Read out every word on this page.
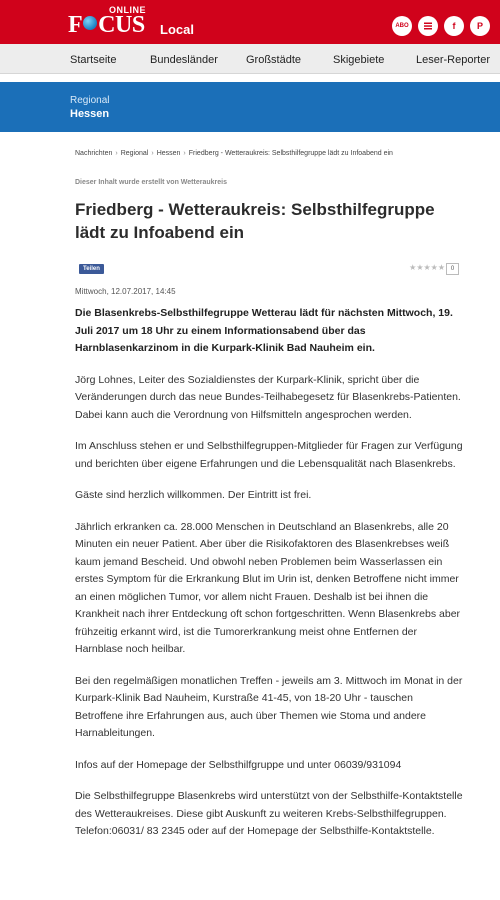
ONLINE
F CUS Local	ABO	f	P
Startseite	Bundesländer	Großstädte	Skigebiete	Leser-Reporter
Regional
Hessen
Nachrichten › Regional › Hessen › Friedberg - Wetteraukreis: Selbsthilfegruppe lädt zu Infoabend ein
Dieser Inhalt wurde erstellt von Wetteraukreis
Friedberg - Wetteraukreis: Selbsthilfegruppe lädt zu Infoabend ein
Teilen	★★★★★ 0
Mittwoch, 12.07.2017, 14:45

Die Blasenkrebs-Selbsthilfegruppe Wetterau lädt für nächsten Mittwoch, 19. Juli 2017 um 18 Uhr zu einem Informationsabend über das Harnblasenkarzinom in die Kurpark-Klinik Bad Nauheim ein.

Jörg Lohnes, Leiter des Sozialdienstes der Kurpark-Klinik, spricht über die Veränderungen durch das neue Bundes-Teilhabegesetz für Blasenkrebs-Patienten. Dabei kann auch die Verordnung von Hilfsmitteln angesprochen werden.

Im Anschluss stehen er und Selbsthilfegruppen-Mitglieder für Fragen zur Verfügung und berichten über eigene Erfahrungen und die Lebensqualität nach Blasenkrebs.

Gäste sind herzlich willkommen. Der Eintritt ist frei.

Jährlich erkranken ca. 28.000 Menschen in Deutschland an Blasenkrebs, alle 20 Minuten ein neuer Patient. Aber über die Risikofaktoren des Blasenkrebses weiß kaum jemand Bescheid. Und obwohl neben Problemen beim Wasserlassen ein erstes Symptom für die Erkrankung Blut im Urin ist, denken Betroffene nicht immer an einen möglichen Tumor, vor allem nicht Frauen. Deshalb ist bei ihnen die Krankheit nach ihrer Entdeckung oft schon fortgeschritten. Wenn Blasenkrebs aber frühzeitig erkannt wird, ist die Tumorerkrankung meist ohne Entfernen der Harnblase noch heilbar.

Bei den regelmäßigen monatlichen Treffen - jeweils am 3. Mittwoch im Monat in der Kurpark-Klinik Bad Nauheim, Kurstraße 41-45, von 18-20 Uhr - tauschen Betroffene ihre Erfahrungen aus, auch über Themen wie Stoma und andere Harnableitungen.

Infos auf der Homepage der Selbsthilfgruppe und unter 06039/931094

Die Selbsthilfegruppe Blasenkrebs wird unterstützt von der Selbsthilfe-Kontaktstelle des Wetteraukreises. Diese gibt Auskunft zu weiteren Krebs-Selbsthilfegruppen. Telefon:06031/ 83 2345 oder auf der Homepage der Selbsthilfe-Kontaktstelle.
